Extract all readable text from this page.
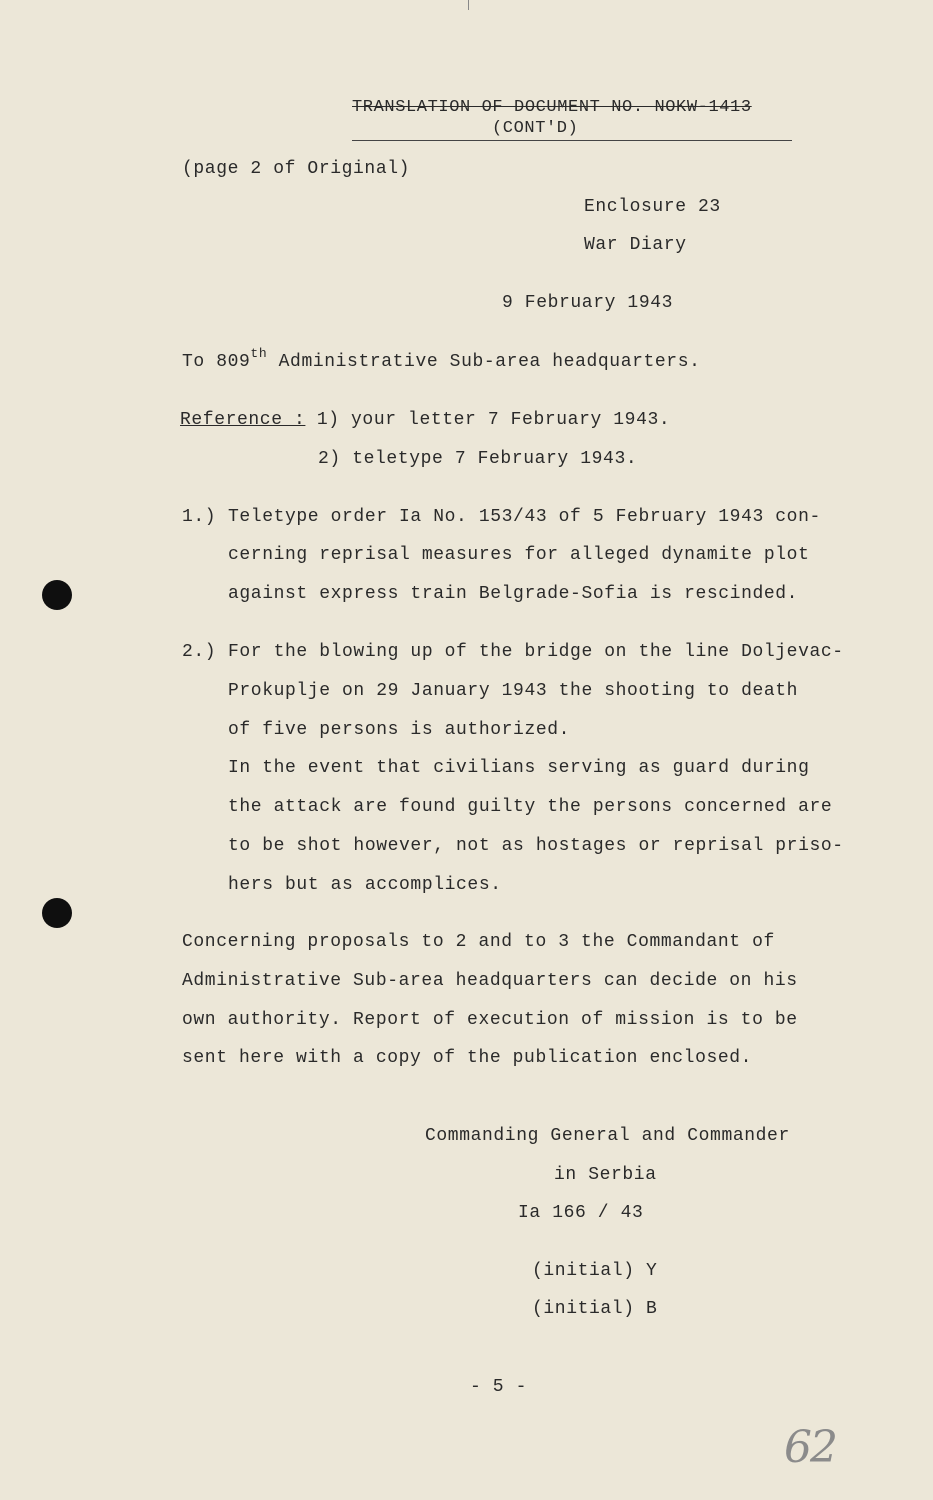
TRANSLATION OF DOCUMENT NO. NOKW-1413
(CONT'D)
(page 2 of Original)
Enclosure 23
War Diary
9 February 1943
To 809th Administrative Sub-area headquarters.
Reference : 1) your letter 7 February 1943.
2) teletype 7 February 1943.
1.) Teletype order Ia No. 153/43 of 5 February 1943 con-
cerning reprisal measures for alleged dynamite plot
against express train Belgrade-Sofia is rescinded.
2.) For the blowing up of the bridge on the line Doljevac-
Prokuplje on 29 January 1943 the shooting to death
of five persons is authorized.
In the event that civilians serving as guard during
the attack are found guilty the persons concerned are
to be shot however, not as hostages or reprisal priso-
hers but as accomplices.
Concerning proposals to 2 and to 3 the Commandant of
Administrative Sub-area headquarters can decide on his
own authority. Report of execution of mission is to be
sent here with a copy of the publication enclosed.
Commanding General and Commander
in Serbia
Ia 166 / 43
(initial) Y
(initial) B
- 5 -
62
